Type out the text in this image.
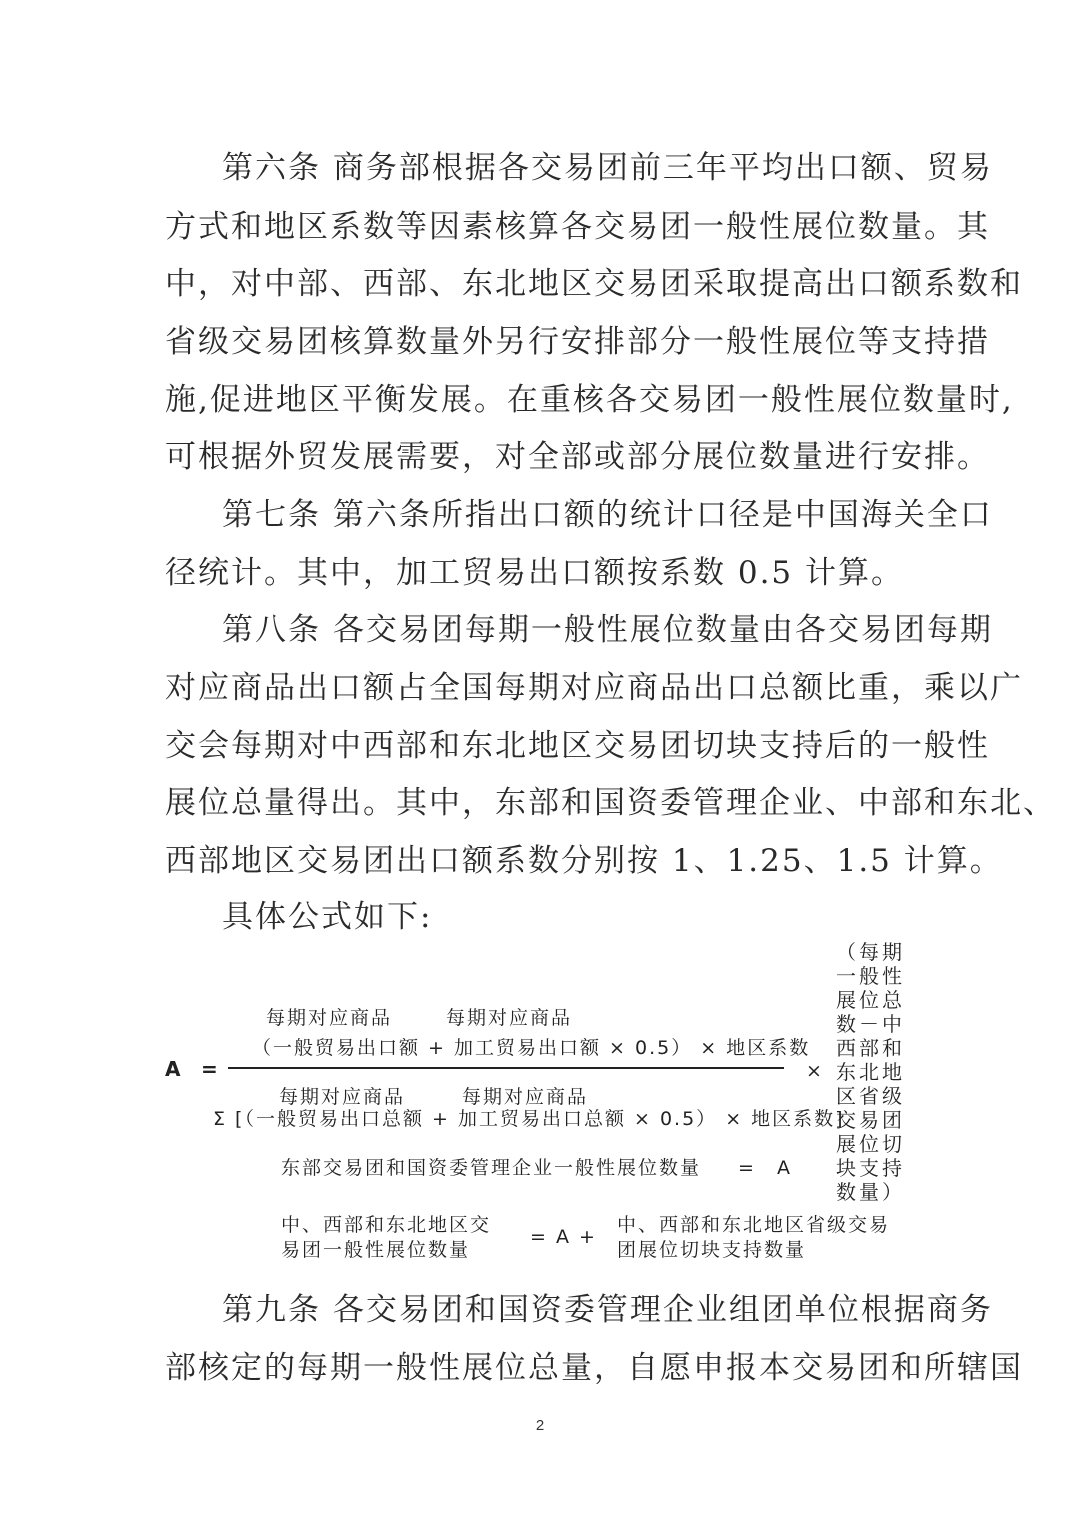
第六条 商务部根据各交易团前三年平均出口额、贸易
方式和地区系数等因素核算各交易团一般性展位数量。其
中，对中部、西部、东北地区交易团采取提高出口额系数和
省级交易团核算数量外另行安排部分一般性展位等支持措
施,促进地区平衡发展。在重核各交易团一般性展位数量时,
可根据外贸发展需要，对全部或部分展位数量进行安排。
第七条 第六条所指出口额的统计口径是中国海关全口
径统计。其中，加工贸易出口额按系数 0.5 计算。
第八条 各交易团每期一般性展位数量由各交易团每期
对应商品出口额占全国每期对应商品出口总额比重，乘以广
交会每期对中西部和东北地区交易团切块支持后的一般性
展位总量得出。其中，东部和国资委管理企业、中部和东北、
西部地区交易团出口额系数分别按 1、1.25、1.5 计算。
具体公式如下:
A =
每期对应商品	每期对应商品
（一般贸易出口额 + 加工贸易出口额 × 0.5） × 地区系数
每期对应商品	每期对应商品
Σ [（一般贸易出口总额 + 加工贸易出口总额 × 0.5） × 地区系数]
×
（每期一般性展位总数－中西部和东北地区省级交易团展位切块支持数量）
东部交易团和国资委管理企业一般性展位数量 = A
中、西部和东北地区交
易团一般性展位数量
= A +
中、西部和东北地区省级交易
团展位切块支持数量
第九条 各交易团和国资委管理企业组团单位根据商务
部核定的每期一般性展位总量，自愿申报本交易团和所辖国
2
